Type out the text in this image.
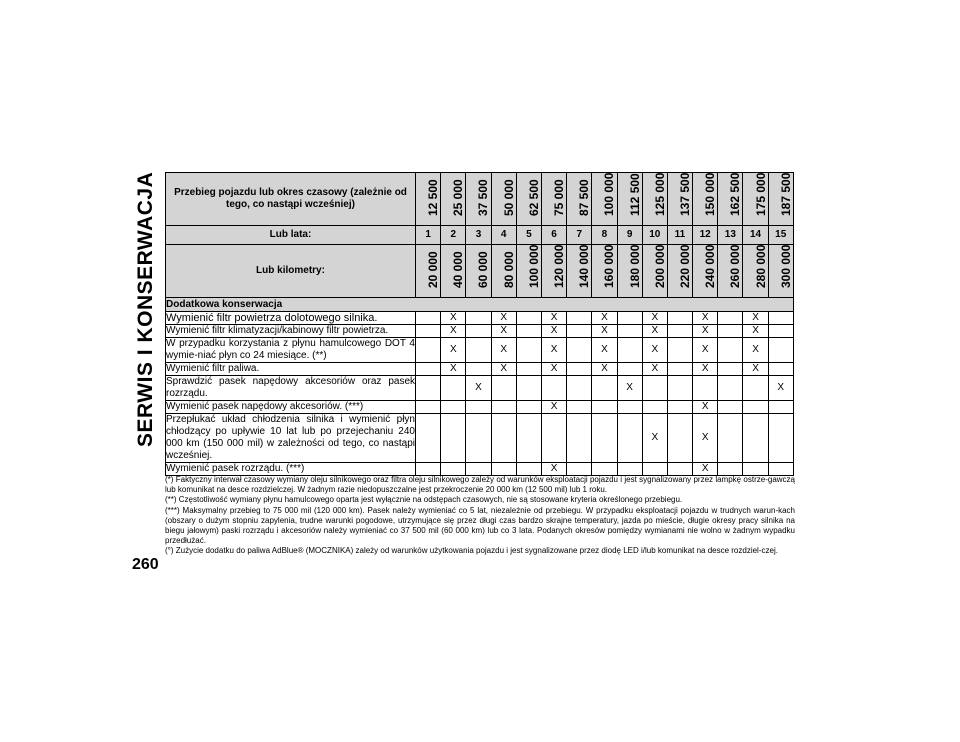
SERWIS I KONSERWACJA
260
Przebieg pojazdu lub okres czasowy (zależnie od tego, co nastąpi wcześniej)	12 500	25 000	37 500	50 000	62 500	75 000	87 500	100 000	112 500	125 000	137 500	150 000	162 500	175 000	187 500

Lub lata:	1	2	3	4	5	6	7	8	9	10	11	12	13	14	15
Lub kilometry:	20 000	40 000	60 000	80 000	100 000	120 000	140 000	160 000	180 000	200 000	220 000	240 000	260 000	280 000	300 000

Dodatkowa konserwacja															
Wymienić filtr powietrza dolotowego silnika.		X		X		X		X		X		X		X	
Wymienić filtr klimatyzacji/kabinowy filtr powietrza.		X		X		X		X		X		X		X	
W przypadku korzystania z płynu hamulcowego DOT 4 wymie-niać płyn co 24 miesiące. (**)		X		X		X		X		X		X		X	
Wymienić filtr paliwa.		X		X		X		X		X		X		X	
Sprawdzić pasek napędowy akcesoriów oraz pasek rozrządu.			X						X						X
Wymienić pasek napędowy akcesoriów. (***)						X						X			
Przepłukać układ chłodzenia silnika i wymienić płyn chłodzący po upływie 10 lat lub po przejechaniu 240 000 km (150 000 mil) w zależności od tego, co nastąpi wcześniej.										X		X			
Wymienić pasek rozrządu. (***)						X						X			

(*) Faktyczny interwał czasowy wymiany oleju silnikowego oraz filtra oleju silnikowego zależy od warunków eksploatacji pojazdu i jest sygnalizowany przez lampkę ostrze-gawczą lub komunikat na desce rozdzielczej. W żadnym razie niedopuszczalne jest przekroczenie 20 000 km (12 500 mil) lub 1 roku.

(**) Częstotliwość wymiany płynu hamulcowego oparta jest wyłącznie na odstępach czasowych, nie są stosowane kryteria określonego przebiegu.

(***) Maksymalny przebieg to 75 000 mil (120 000 km). Pasek należy wymieniać co 5 lat, niezależnie od przebiegu. W przypadku eksploatacji pojazdu w trudnych warun-kach (obszary o dużym stopniu zapylenia, trudne warunki pogodowe, utrzymujące się przez długi czas bardzo skrajne temperatury, jazda po mieście, długie okresy pracy silnika na biegu jałowym) paski rozrządu i akcesoriów należy wymieniać co 37 500 mil (60 000 km) lub co 3 lata. Podanych okresów pomiędzy wymianami nie wolno w żadnym wypadku przedłużać.

(°) Zużycie dodatku do paliwa AdBlue® (MOCZNIKA) zależy od warunków użytkowania pojazdu i jest sygnalizowane przez diodę LED i/lub komunikat na desce rozdziel-czej.
